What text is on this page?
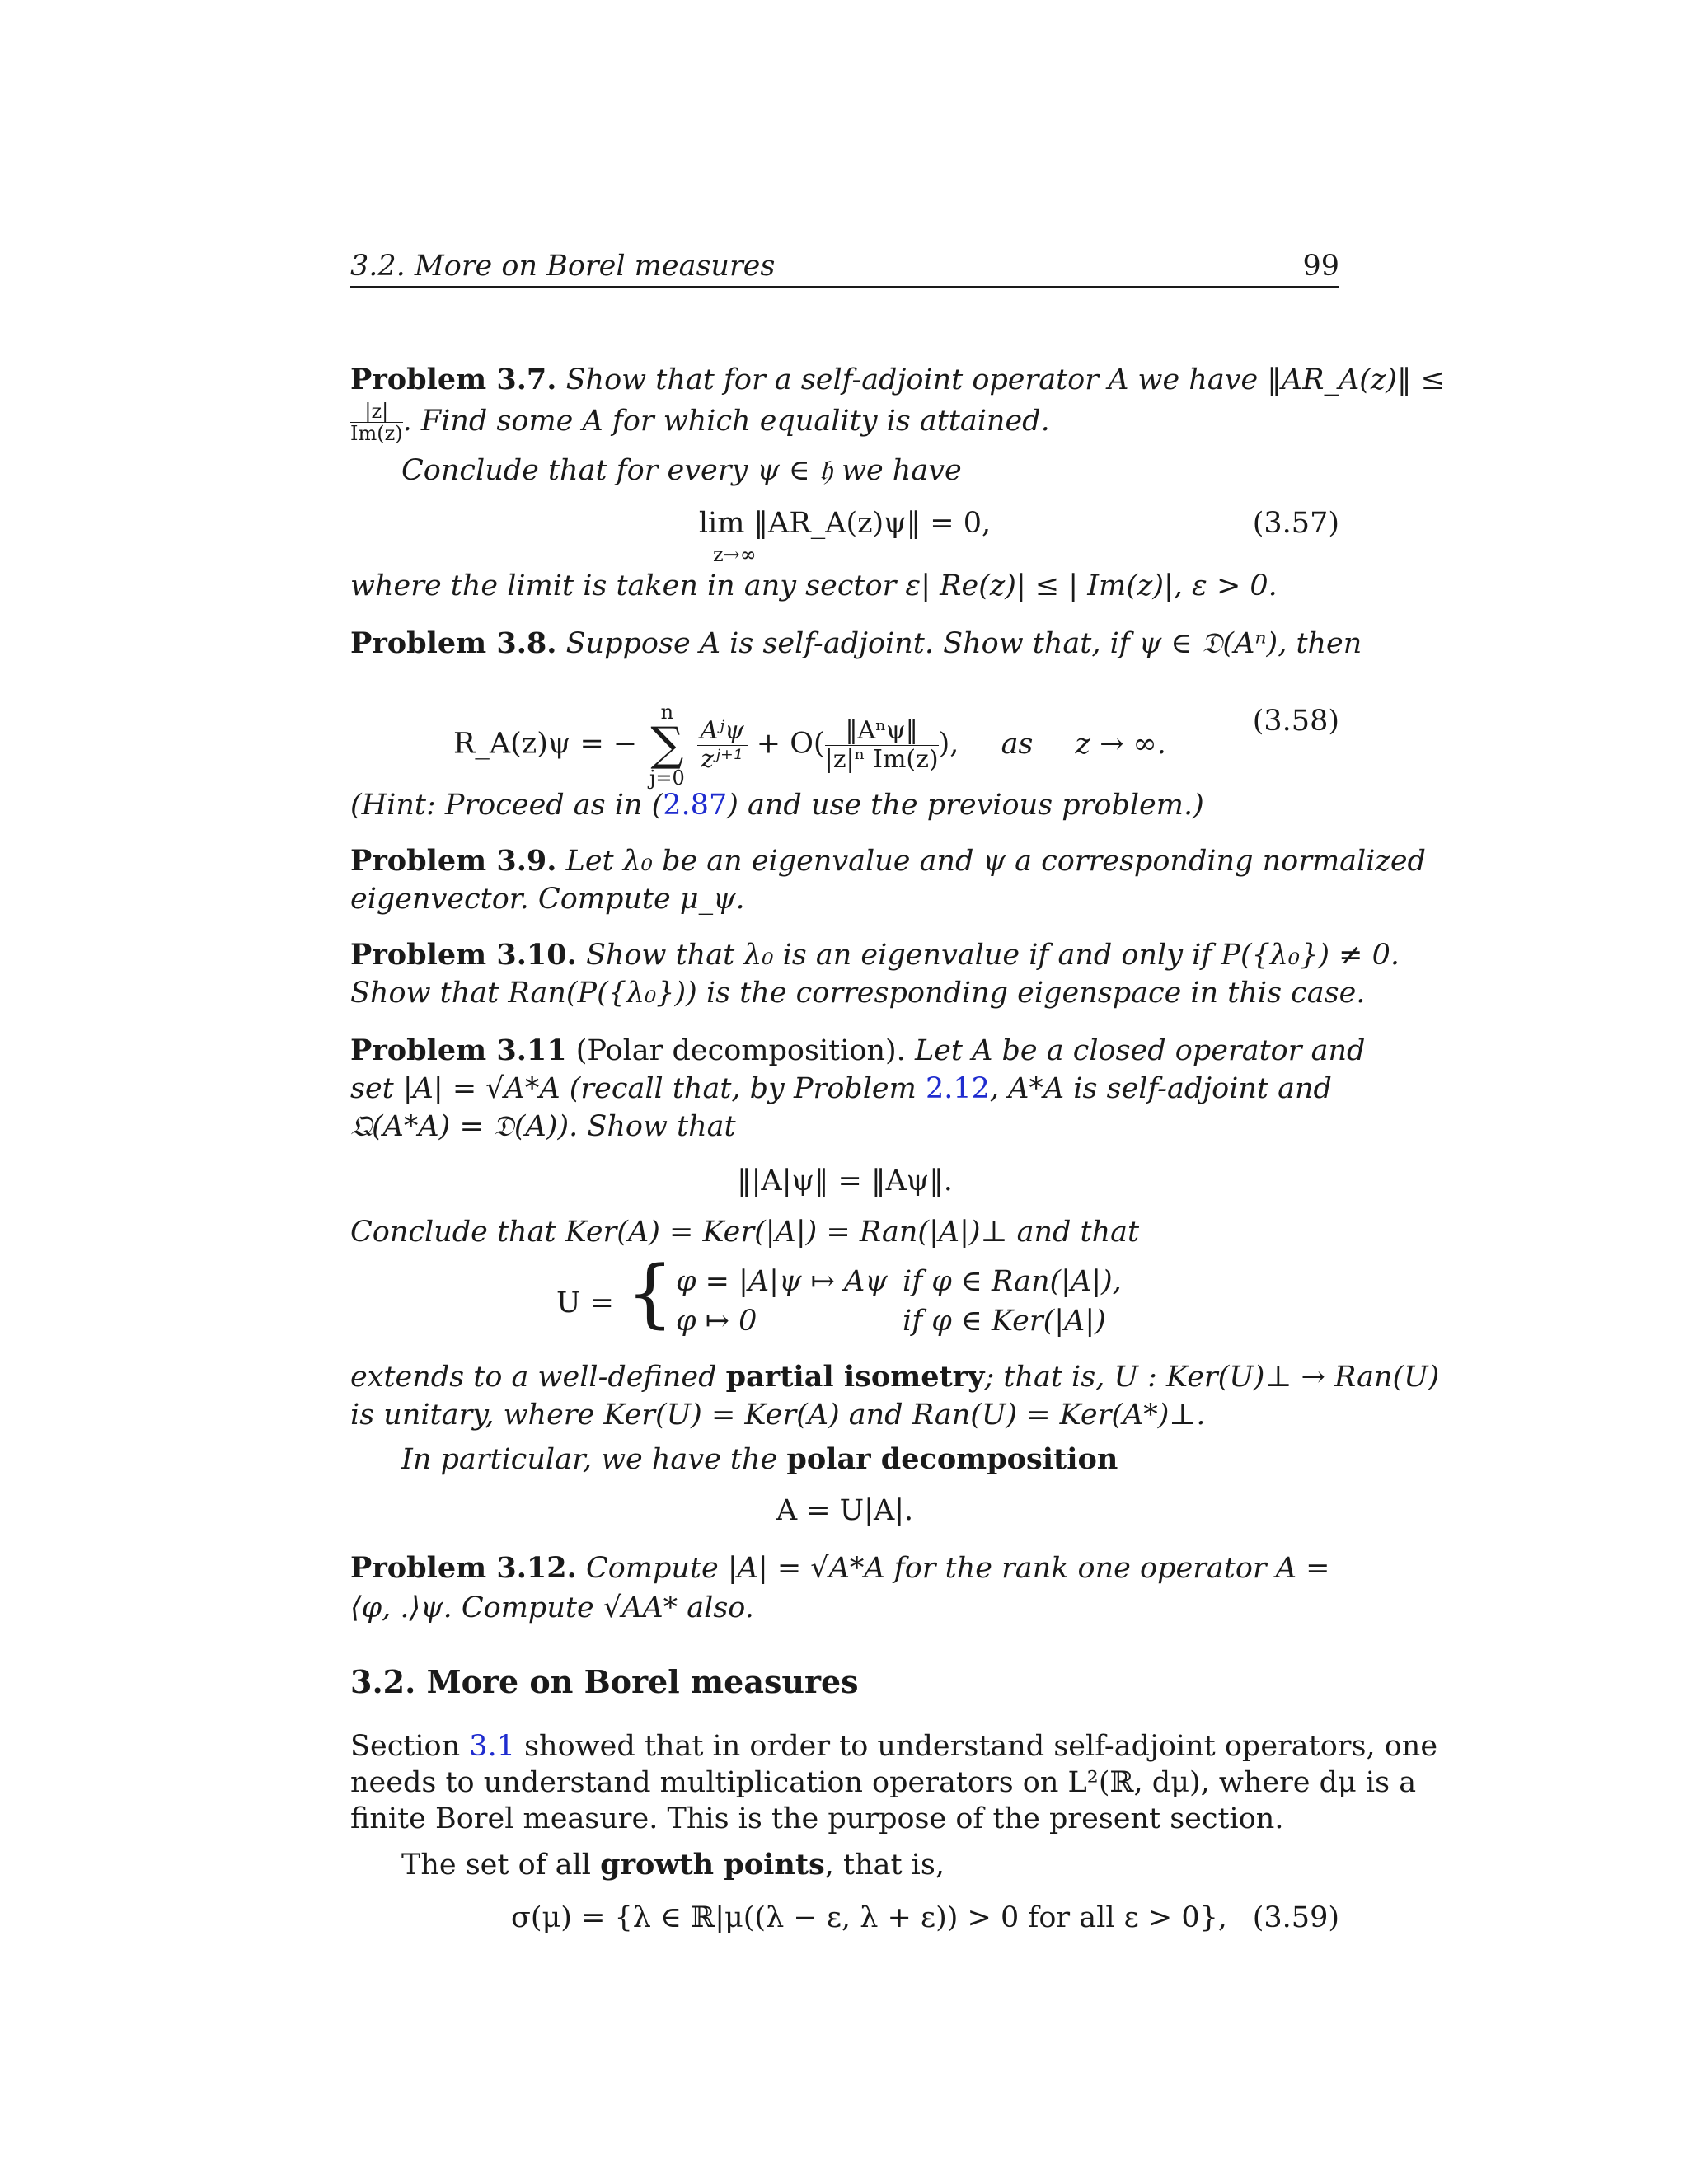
3.2. More on Borel measures	99
Problem 3.7. Show that for a self-adjoint operator A we have ‖AR_A(z)‖ ≤
$\frac{|z|}{Im(z)}$ . Find some A for which equality is attained.
Conclude that for every ψ ∈ 𝔥 we have
lim ‖AR_A(z)ψ‖ = 0,	(3.57)
z→∞
where the limit is taken in any sector ε| Re(z)| ≤ | Im(z)|, ε > 0.
Problem 3.8. Suppose A is self-adjoint. Show that, if ψ ∈ 𝔇(Aⁿ), then
R_A(z)ψ = −
n
∑
j=0

$\frac{\text{Aʲψ}}{\text{zʲ⁺¹}} + O( \frac{\text{‖Aⁿψ‖}}{\text{|z|ⁿ Im(z)}}$ ), as z → ∞.
(3.58)
(Hint: Proceed as in (2.87) and use the previous problem.)
Problem 3.9. Let λ₀ be an eigenvalue and ψ a corresponding normalized
eigenvector. Compute μ_ψ.
Problem 3.10. Show that λ₀ is an eigenvalue if and only if P({λ₀}) ≠ 0.
Show that Ran(P({λ₀})) is the corresponding eigenspace in this case.
Problem 3.11 (Polar decomposition). Let A be a closed operator and
set |A| = √A*A (recall that, by Problem 2.12, A*A is self-adjoint and
𝔔(A*A) = 𝔇(A)). Show that
‖|A|ψ‖ = ‖Aψ‖.
Conclude that Ker(A) = Ker(|A|) = Ran(|A|)⊥ and that
U = { φ = |A|ψ ↦ Aψ if φ ∈ Ran(|A|),
φ ↦ 0	if φ ∈ Ker(|A|)
extends to a well-defined partial isometry; that is, U : Ker(U)⊥ → Ran(U)
is unitary, where Ker(U) = Ker(A) and Ran(U) = Ker(A*)⊥.
In particular, we have the polar decomposition
A = U|A|.
Problem 3.12. Compute |A| = √A*A for the rank one operator A =
⟨φ, .⟩ψ. Compute √AA* also.
3.2. More on Borel measures
Section 3.1 showed that in order to understand self-adjoint operators, one
needs to understand multiplication operators on L²(ℝ, dμ), where dμ is a
finite Borel measure. This is the purpose of the present section.
The set of all growth points, that is,
σ(μ) = {λ ∈ ℝ|μ((λ − ε, λ + ε)) > 0 for all ε > 0}, (3.59)
